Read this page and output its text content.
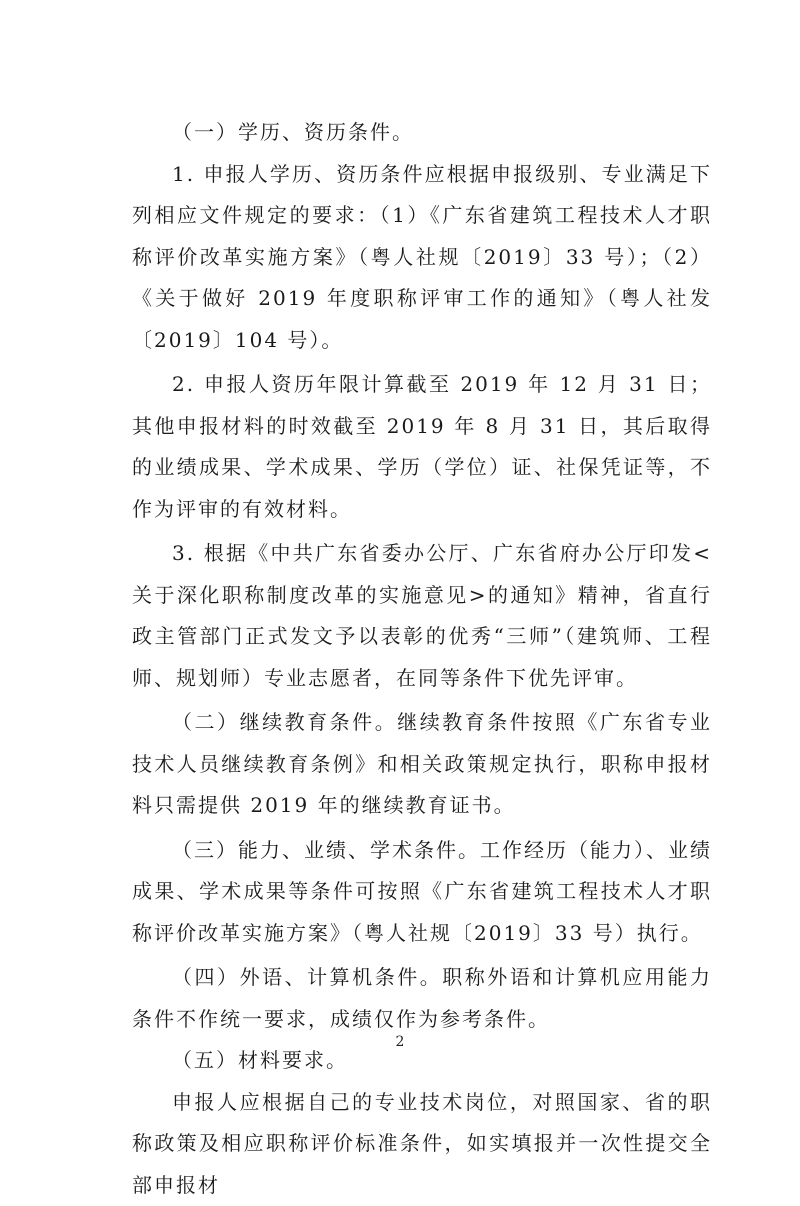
（一）学历、资历条件。

1. 申报人学历、资历条件应根据申报级别、专业满足下列相应文件规定的要求：（1）《广东省建筑工程技术人才职称评价改革实施方案》（粤人社规〔2019〕33 号）；（2）《关于做好 2019 年度职称评审工作的通知》（粤人社发〔2019〕104 号）。

2. 申报人资历年限计算截至 2019 年 12 月 31 日；其他申报材料的时效截至 2019 年 8 月 31 日，其后取得的业绩成果、学术成果、学历（学位）证、社保凭证等，不作为评审的有效材料。

3. 根据《中共广东省委办公厅、广东省府办公厅印发<关于深化职称制度改革的实施意见>的通知》精神，省直行政主管部门正式发文予以表彰的优秀“三师”（建筑师、工程师、规划师）专业志愿者，在同等条件下优先评审。

（二）继续教育条件。继续教育条件按照《广东省专业技术人员继续教育条例》和相关政策规定执行，职称申报材料只需提供 2019 年的继续教育证书。

（三）能力、业绩、学术条件。工作经历（能力）、业绩成果、学术成果等条件可按照《广东省建筑工程技术人才职称评价改革实施方案》（粤人社规〔2019〕33 号）执行。

（四）外语、计算机条件。职称外语和计算机应用能力条件不作统一要求，成绩仅作为参考条件。

（五）材料要求。

申报人应根据自己的专业技术岗位，对照国家、省的职称政策及相应职称评价标准条件，如实填报并一次性提交全部申报材

2
